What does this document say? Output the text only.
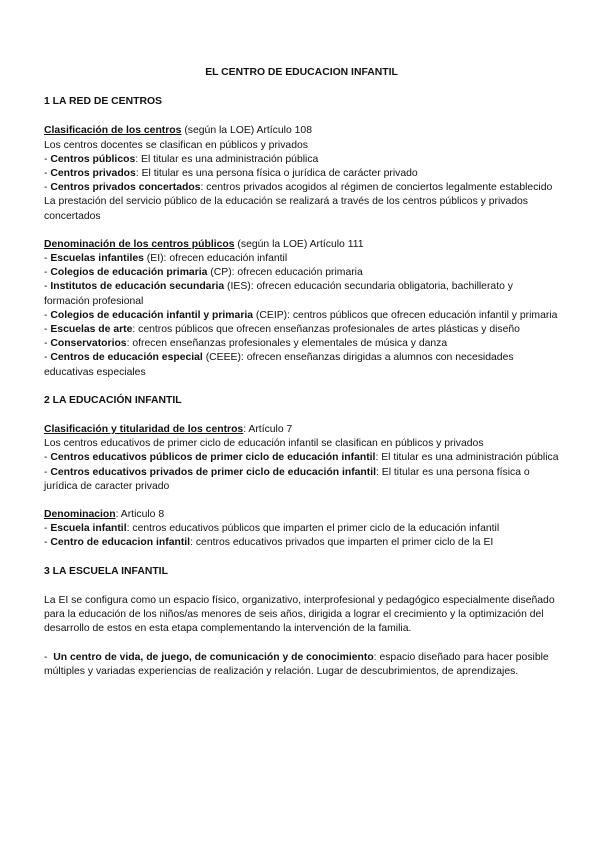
EL CENTRO DE EDUCACION INFANTIL

1 LA RED DE CENTROS

Clasificación de los centros (según la LOE) Artículo 108

Los centros docentes se clasifican en públicos y privados

- Centros públicos: El titular es una administración pública

- Centros privados: El titular es una persona física o jurídica de carácter privado

- Centros privados concertados: centros privados acogidos al régimen de conciertos legalmente establecido

La prestación del servicio público de la educación se realizará a través de los centros públicos y privados concertados

Denominación de los centros públicos (según la LOE) Artículo 111

- Escuelas infantiles (EI): ofrecen educación infantil

- Colegios de educación primaria (CP): ofrecen educación primaria

- Institutos de educación secundaria (IES): ofrecen educación secundaria obligatoria, bachillerato y formación profesional

- Colegios de educación infantil y primaria (CEIP): centros públicos que ofrecen educación infantil y primaria

- Escuelas de arte: centros públicos que ofrecen enseñanzas profesionales de artes plásticas y diseño

- Conservatorios: ofrecen enseñanzas profesionales y elementales de música y danza

- Centros de educación especial (CEEE): ofrecen enseñanzas dirigidas a alumnos con necesidades educativas especiales

2 LA EDUCACIÓN INFANTIL

Clasificación y titularidad de los centros: Artículo 7

Los centros educativos de primer ciclo de educación infantil se clasifican en públicos y privados

- Centros educativos públicos de primer ciclo de educación infantil: El titular es una administración pública

- Centros educativos privados de primer ciclo de educación infantil: El titular es una persona física o jurídica de caracter privado

Denominacion: Articulo 8

- Escuela infantil: centros educativos públicos que imparten el primer ciclo de la educación infantil

- Centro de educacion infantil: centros educativos privados que imparten el primer ciclo de la EI

3 LA ESCUELA INFANTIL

La EI se configura como un espacio físico, organizativo, interprofesional y pedagógico especialmente diseñado para la educación de los niños/as menores de seis años, dirigida a lograr el crecimiento y la optimización del desarrollo de estos en esta etapa complementando la intervención de la familia.

-  Un centro de vida, de juego, de comunicación y de conocimiento: espacio diseñado para hacer posible múltiples y variadas experiencias de realización y relación. Lugar de descubrimientos, de aprendizajes.
